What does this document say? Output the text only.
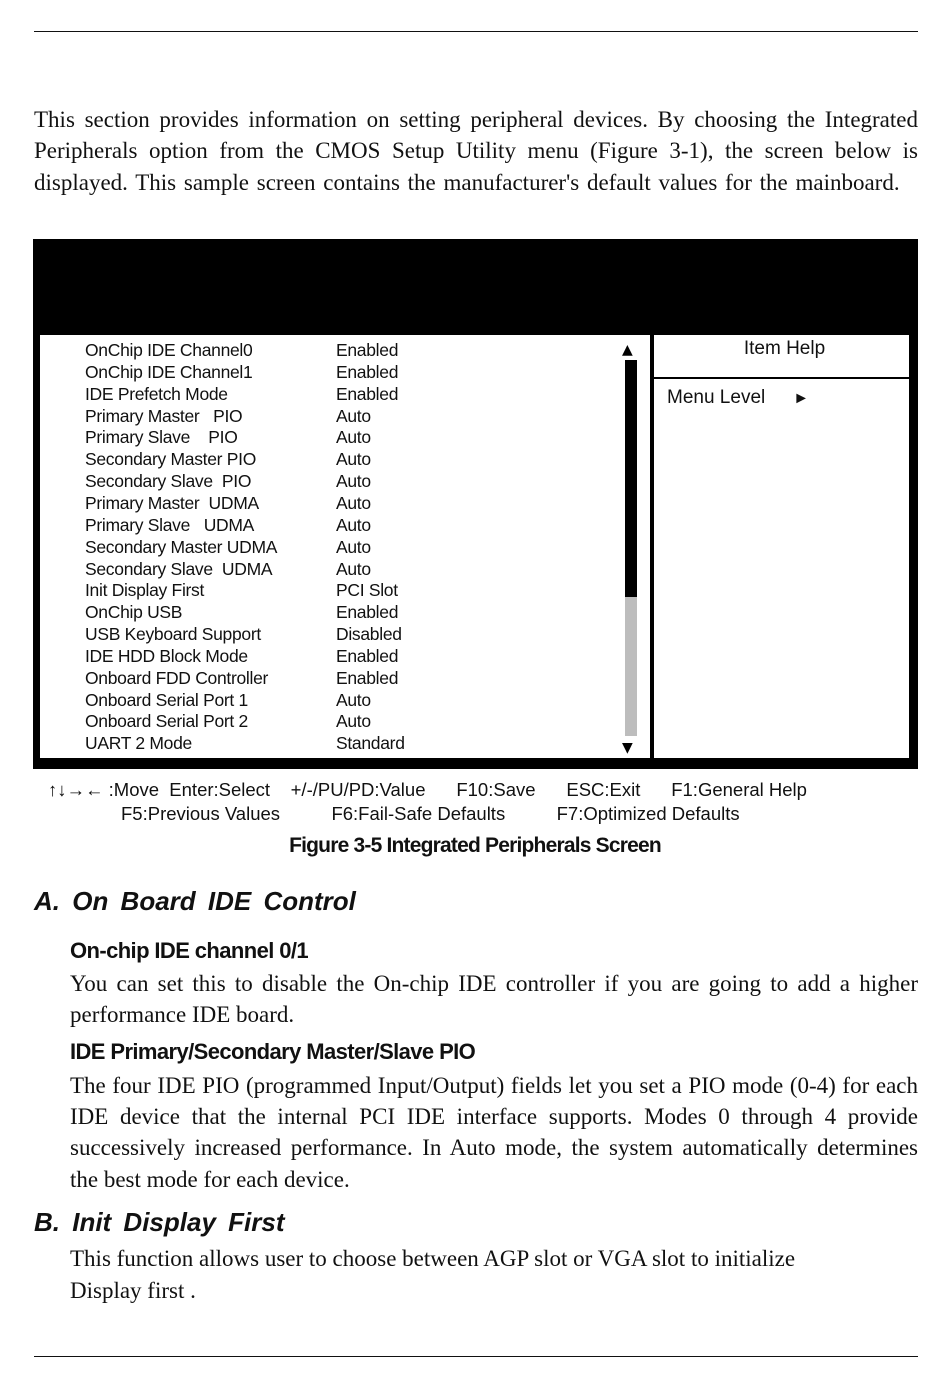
This section provides information on setting peripheral devices. By choosing the Integrated Peripherals option from the CMOS Setup Utility menu (Figure 3-1), the screen below is displayed. This sample screen contains the manufacturer's default values for the mainboard.

▲
▼
OnChip IDE Channel0	Enabled
OnChip IDE Channel1	Enabled
IDE Prefetch Mode	Enabled
Primary Master   PIO	Auto
Primary Slave    PIO	Auto
Secondary Master PIO	Auto
Secondary Slave  PIO	Auto
Primary Master  UDMA	Auto
Primary Slave   UDMA	Auto
Secondary Master UDMA	Auto
Secondary Slave  UDMA	Auto
Init Display First	PCI Slot
OnChip USB	Enabled
USB Keyboard Support	Disabled
IDE HDD Block Mode	Enabled
Onboard FDD Controller	Enabled
Onboard Serial Port 1	Auto
Onboard Serial Port 2	Auto
UART 2 Mode	Standard
Item Help
Menu Level ►
↑↓→← :Move  Enter:Select    +/-/PU/PD:Value      F10:Save      ESC:Exit      F1:General Help
F5:Previous Values          F6:Fail-Safe Defaults          F7:Optimized Defaults
Figure 3-5 Integrated Peripherals Screen
A. On Board IDE Control
On-chip IDE channel 0/1

You can set this to disable the On-chip IDE controller if you are going to add a higher performance IDE board.

IDE Primary/Secondary Master/Slave PIO

The four IDE PIO (programmed Input/Output) fields let you set a PIO mode (0-4) for each IDE device that the internal PCI IDE interface supports. Modes 0 through 4 provide successively increased performance. In Auto mode, the system automatically determines the best mode for each device.

B. Init Display First
This function allows user to choose between AGP slot or VGA slot to initialize
Display first .
